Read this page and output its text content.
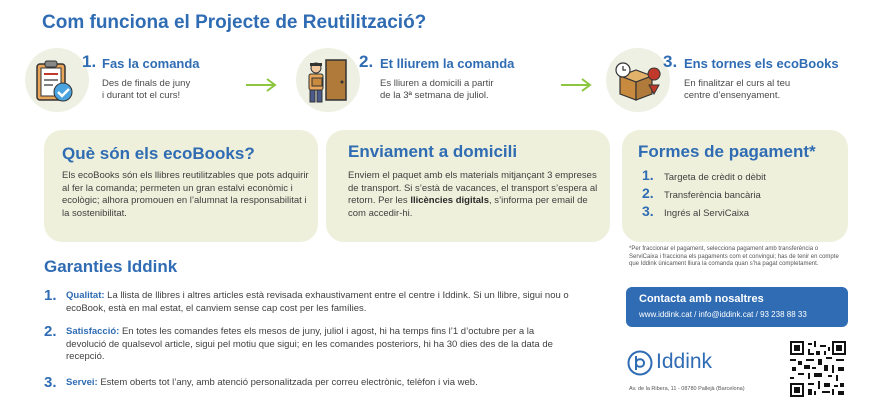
Com funciona el Projecte de Reutilització?
1. Fas la comanda
Des de finals de juny
i durant tot el curs!
2. Et lliurem la comanda
Es lliuren a domicili a partir
de la 3ª setmana de juliol.
3. Ens tornes els ecoBooks
En finalitzar el curs al teu
centre d’ensenyament.
Què són els ecoBooks?
Els ecoBooks són els llibres reutilitzables que pots adquirir al fer la comanda; permeten un gran estalvi econòmic i ecològic; alhora promouen en l’alumnat la responsabilitat i la sostenibilitat.
Enviament a domicili
Enviem el paquet amb els materials mitjançant 3 empreses de transport. Si s’està de vacances, el transport s’espera al retorn. Per les llicències digitals, s’informa per email de com accedir-hi.
Formes de pagament*
1. Targeta de crèdit o dèbit
2. Transferència bancària
3. Ingrés al ServiCaixa
*Per fraccionar el pagament, selecciona pagament amb transferència o ServiCaixa i fracciona els pagaments com et convingui; has de tenir en compte que Iddink únicament lliura la comanda quan s’ha pagat completament.
Garanties Iddink
1. Qualitat: La llista de llibres i altres articles està revisada exhaustivament entre el centre i Iddink. Si un llibre, sigui nou o ecoBook, està en mal estat, el canviem sense cap cost per les famílies.
2. Satisfacció: En totes les comandes fetes els mesos de juny, juliol i agost, hi ha temps fins l’1 d’octubre per a la devolució de qualsevol article, sigui pel motiu que sigui; en les comandes posteriors, hi ha 30 dies des de la data de recepció.
3. Servei: Estem oberts tot l’any, amb atenció personalitzada per correu electrònic, telèfon i via web.
Contacta amb nosaltres
www.iddink.cat / info@iddink.cat / 93 238 88 33
Iddink
Av. de la Ribera, 11 - 08780 Pallejà (Barcelona)
